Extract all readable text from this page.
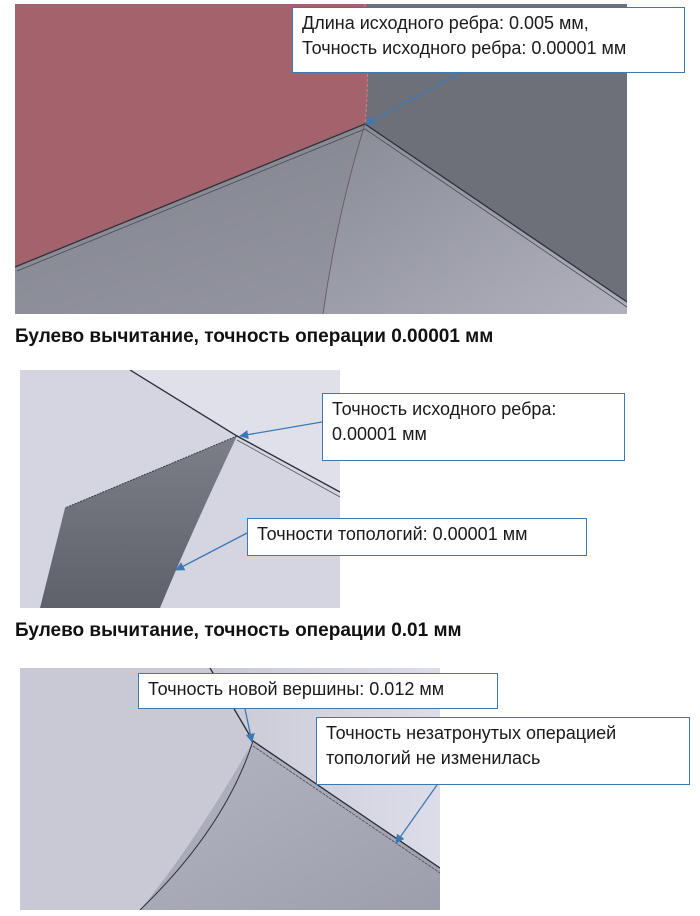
Длина исходного ребра: 0.005 мм,
Точность исходного ребра: 0.00001 мм
Булево вычитание, точность операции 0.00001 мм
Точность исходного ребра:
0.00001 мм
Точности топологий: 0.00001 мм
Булево вычитание, точность операции 0.01 мм
Точность новой вершины: 0.012 мм
Точность незатронутых операцией
топологий не изменилась
